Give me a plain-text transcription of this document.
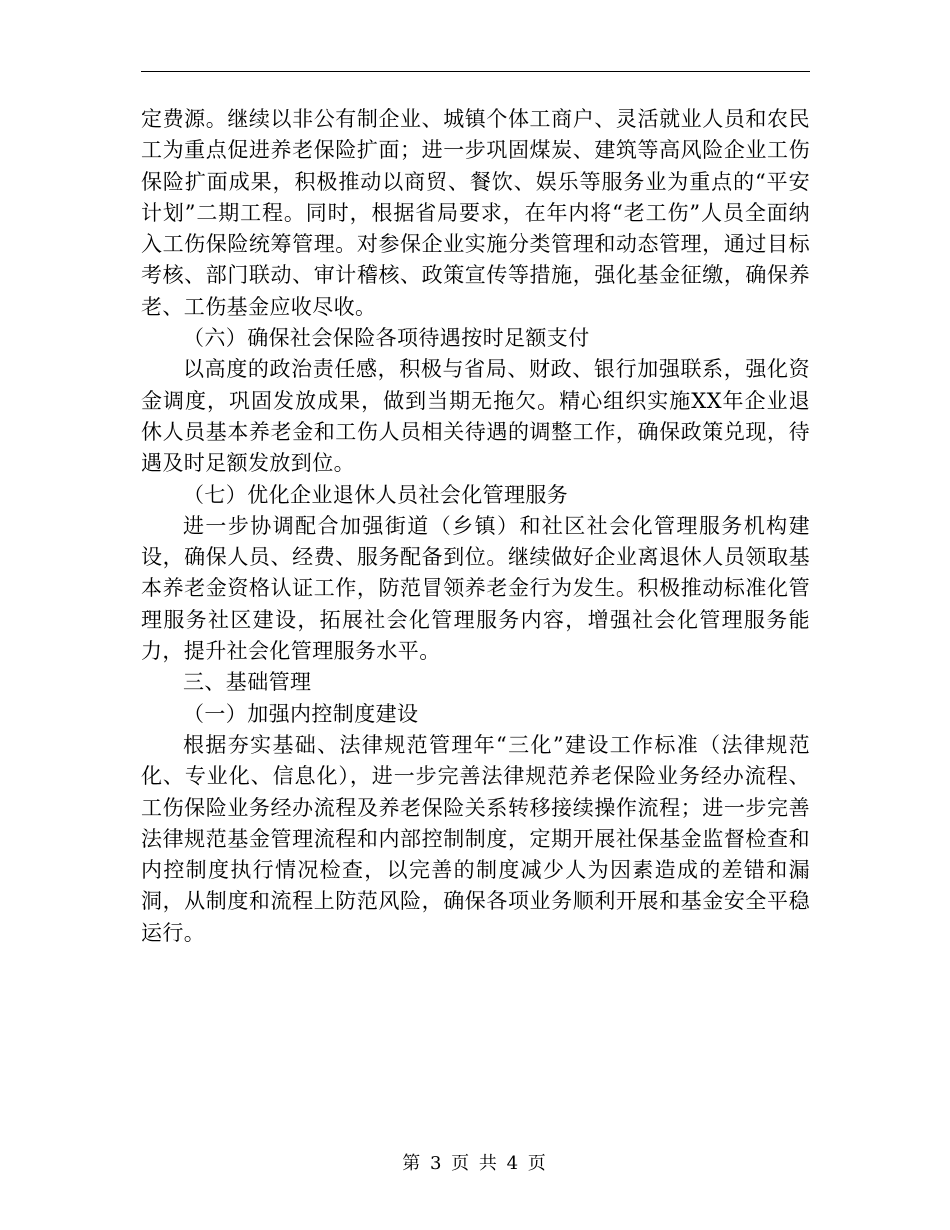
定费源。继续以非公有制企业、城镇个体工商户、灵活就业人员和农民工为重点促进养老保险扩面；进一步巩固煤炭、建筑等高风险企业工伤保险扩面成果，积极推动以商贸、餐饮、娱乐等服务业为重点的“平安计划”二期工程。同时，根据省局要求，在年内将“老工伤”人员全面纳入工伤保险统筹管理。对参保企业实施分类管理和动态管理，通过目标考核、部门联动、审计稽核、政策宣传等措施，强化基金征缴，确保养老、工伤基金应收尽收。

（六）确保社会保险各项待遇按时足额支付

以高度的政治责任感，积极与省局、财政、银行加强联系，强化资金调度，巩固发放成果，做到当期无拖欠。精心组织实施XX年企业退休人员基本养老金和工伤人员相关待遇的调整工作，确保政策兑现，待遇及时足额发放到位。

（七）优化企业退休人员社会化管理服务

进一步协调配合加强街道（乡镇）和社区社会化管理服务机构建设，确保人员、经费、服务配备到位。继续做好企业离退休人员领取基本养老金资格认证工作，防范冒领养老金行为发生。积极推动标准化管理服务社区建设，拓展社会化管理服务内容，增强社会化管理服务能力，提升社会化管理服务水平。

三、基础管理

（一）加强内控制度建设

根据夯实基础、法律规范管理年“三化”建设工作标准（法律规范化、专业化、信息化），进一步完善法律规范养老保险业务经办流程、工伤保险业务经办流程及养老保险关系转移接续操作流程；进一步完善法律规范基金管理流程和内部控制制度，定期开展社保基金监督检查和内控制度执行情况检查，以完善的制度减少人为因素造成的差错和漏洞，从制度和流程上防范风险，确保各项业务顺利开展和基金安全平稳运行。

第 3 页 共 4 页
